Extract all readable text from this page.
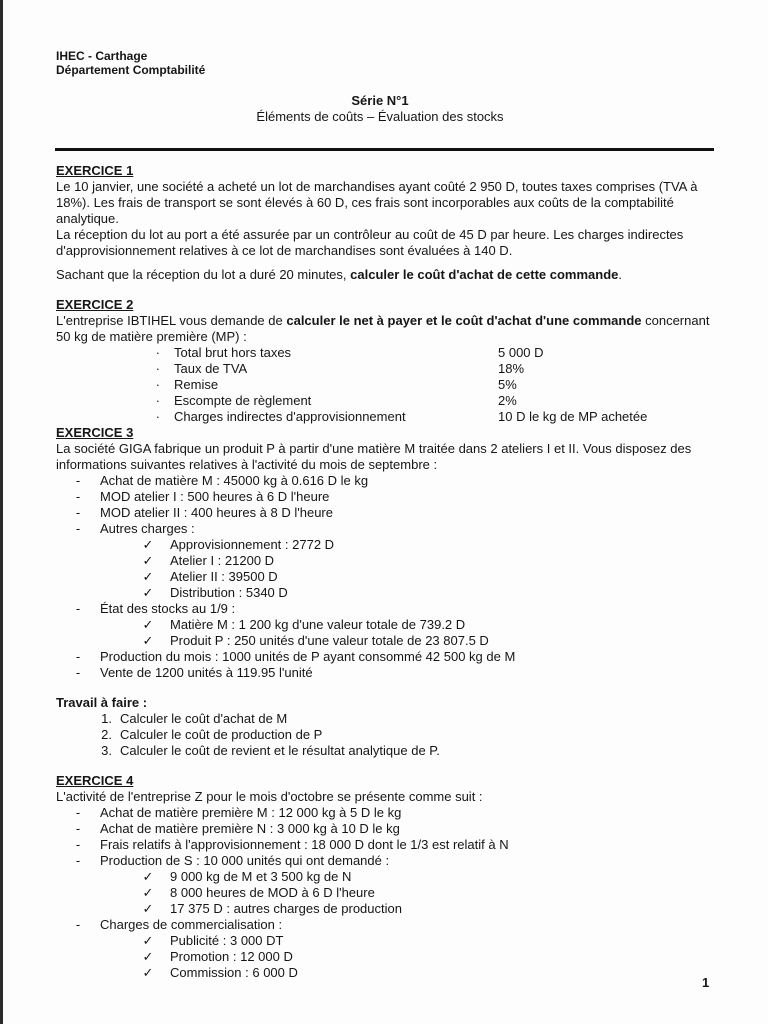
IHEC - Carthage
Département Comptabilité
Série N°1
Éléments de coûts – Évaluation des stocks

EXERCICE 1

Le 10 janvier, une société a acheté un lot de marchandises ayant coûté 2 950 D, toutes taxes comprises (TVA à 18%). Les frais de transport se sont élevés à 60 D, ces frais sont incorporables aux coûts de la comptabilité analytique.

La réception du lot au port a été assurée par un contrôleur au coût de 45 D par heure. Les charges indirectes d'approvisionnement relatives à ce lot de marchandises sont évaluées à 140 D.

Sachant que la réception du lot a duré 20 minutes, calculer le coût d'achat de cette commande.

EXERCICE 2

L'entreprise IBTIHEL vous demande de calculer le net à payer et le coût d'achat d'une commande concernant 50 kg de matière première (MP) :

·	Total brut hors taxes	5 000 D
·	Taux de TVA	18%
·	Remise	5%
·	Escompte de règlement	2%
·	Charges indirectes d'approvisionnement	10 D le kg de MP achetée

EXERCICE 3

La société GIGA fabrique un produit P à partir d'une matière M traitée dans 2 ateliers I et II. Vous disposez des informations suivantes relatives à l'activité du mois de septembre :

-	Achat de matière M : 45000 kg à 0.616 D le kg
-	MOD atelier I : 500 heures à 6 D l'heure
-	MOD atelier II : 400 heures à 8 D l'heure
-	Autres charges :
✓	Approvisionnement : 2772 D
✓	Atelier I : 21200 D
✓	Atelier II : 39500 D
✓	Distribution : 5340 D
-	État des stocks au 1/9 :
✓	Matière M : 1 200 kg d'une valeur totale de 739.2 D
✓	Produit P : 250 unités d'une valeur totale de 23 807.5 D
-	Production du mois : 1000 unités de P ayant consommé 42 500 kg de M
-	Vente de 1200 unités à 119.95 l'unité

Travail à faire :

1. Calculer le coût d'achat de M
2. Calculer le coût de production de P
3. Calculer le coût de revient et le résultat analytique de P.

EXERCICE 4

L'activité de l'entreprise Z pour le mois d'octobre se présente comme suit :

-	Achat de matière première M : 12 000 kg à 5 D le kg
-	Achat de matière première N : 3 000 kg à 10 D le kg
-	Frais relatifs à l'approvisionnement : 18 000 D dont le 1/3 est relatif à N
-	Production de S : 10 000 unités qui ont demandé :
✓	9 000 kg de M et 3 500 kg de N
✓	8 000 heures de MOD à 6 D l'heure
✓	17 375 D : autres charges de production
-	Charges de commercialisation :
✓	Publicité : 3 000 DT
✓	Promotion : 12 000 D
✓	Commission : 6 000 D
1
